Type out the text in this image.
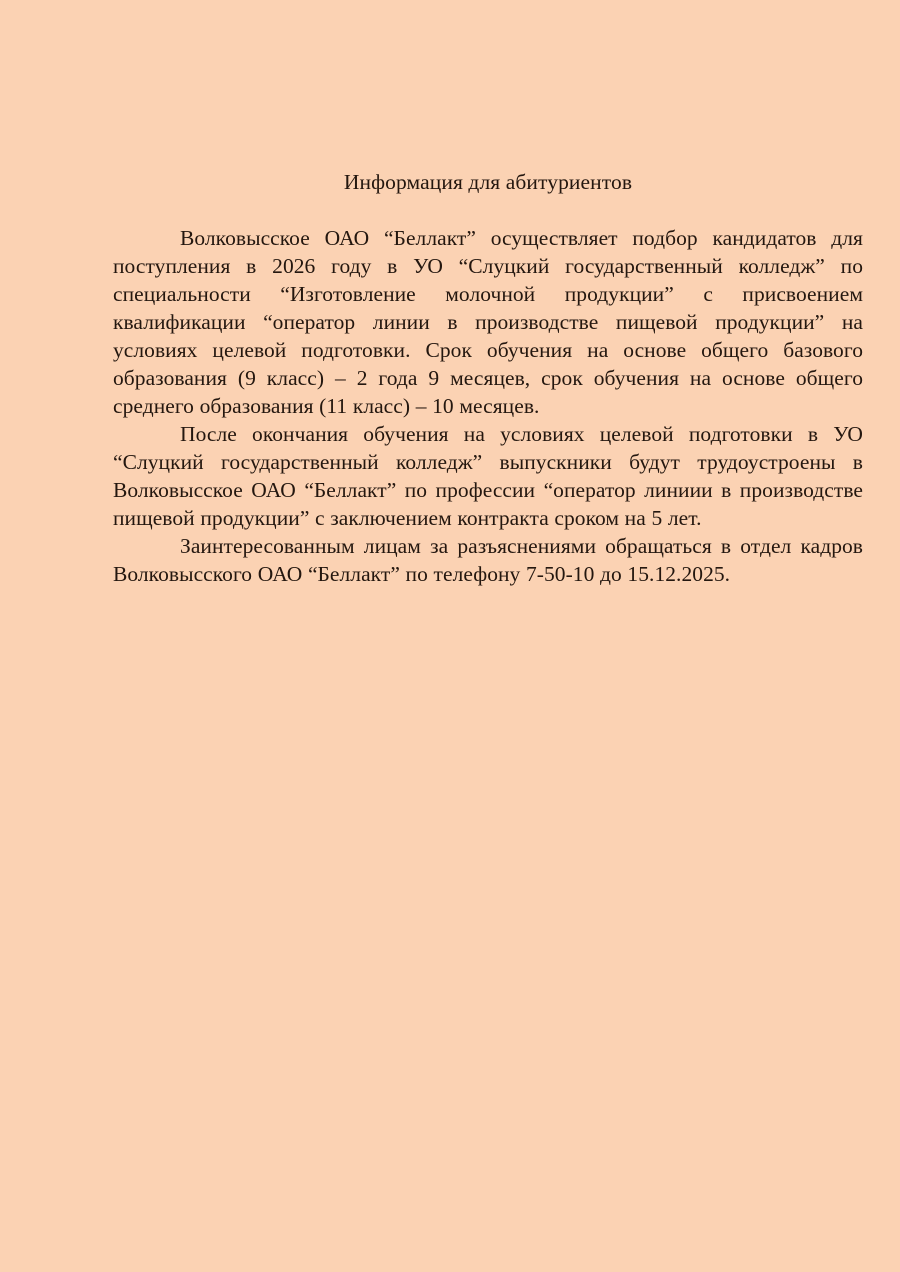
Информация для абитуриентов

Волковысское ОАО “Беллакт” осуществляет подбор кандидатов для поступления в 2026 году в УО “Слуцкий государственный колледж” по специальности “Изготовление молочной продукции” с присвоением квалификации “оператор линии в производстве пищевой продукции” на условиях целевой подготовки. Срок обучения на основе общего базового образования (9 класс) – 2 года 9 месяцев, срок обучения на основе общего среднего образования (11 класс) – 10 месяцев.

После окончания обучения на условиях целевой подготовки в УО “Слуцкий государственный колледж” выпускники будут трудоустроены в Волковысское ОАО “Беллакт” по профессии “оператор линиии в производстве пищевой продукции” с заключением контракта сроком на 5 лет.

Заинтересованным лицам за разъяснениями обращаться в отдел кадров Волковысского ОАО “Беллакт” по телефону 7-50-10 до 15.12.2025.
